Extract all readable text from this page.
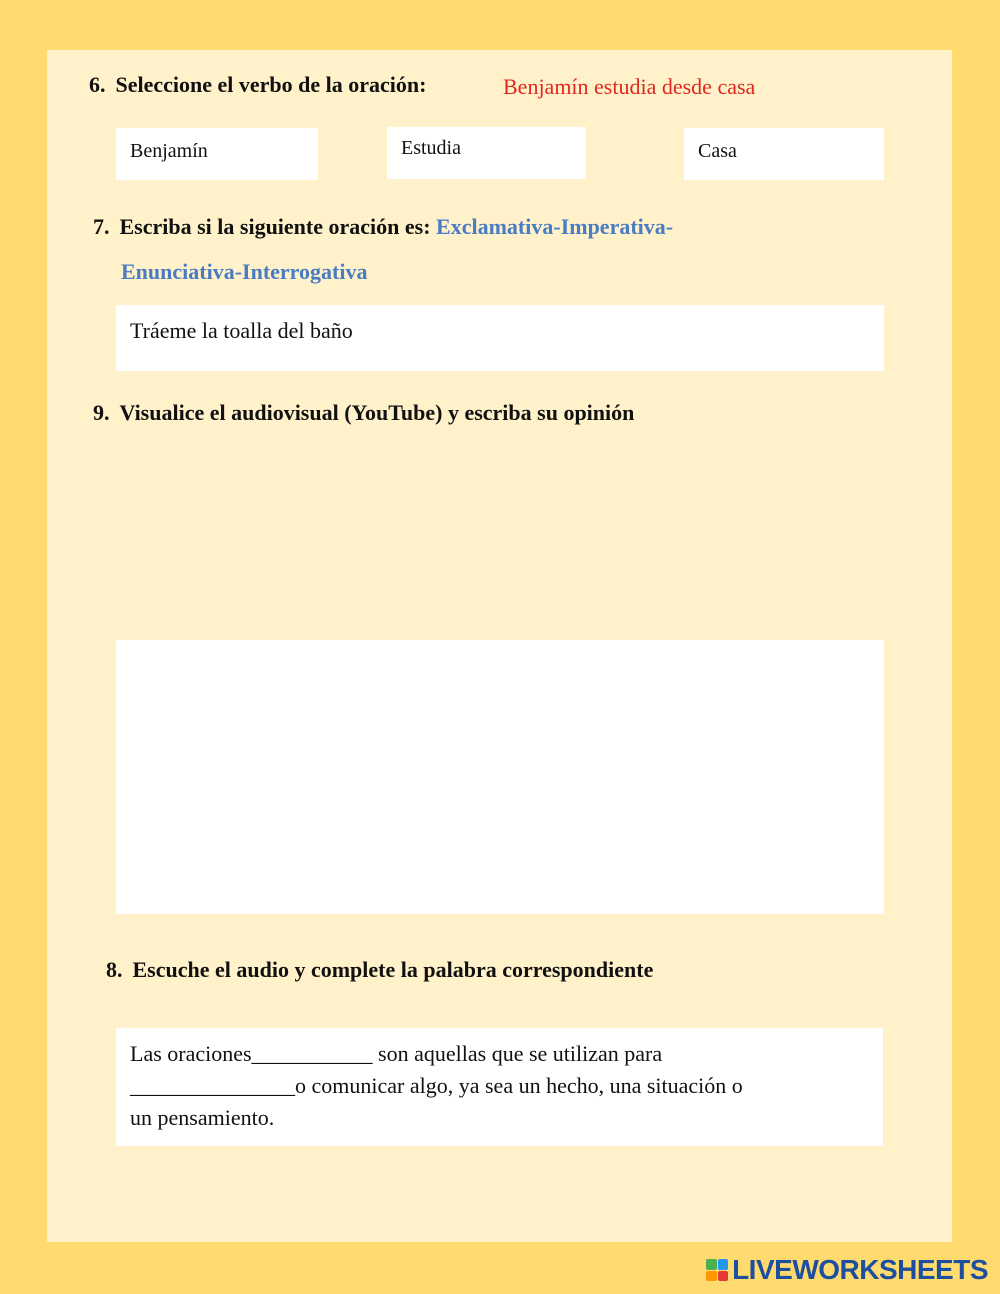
6. Seleccione el verbo de la oración:	Benjamín estudia desde casa
Benjamín	Estudia	Casa
7. Escriba si la siguiente oración es: Exclamativa-Imperativa-
Enunciativa-Interrogativa
Tráeme la toalla del baño
9. Visualice el audiovisual (YouTube) y escriba su opinión
8. Escuche el audio y complete la palabra correspondiente
Las oraciones___________ son aquellas que se utilizan para
_______________o comunicar algo, ya sea un hecho, una situación o
un pensamiento.
LIVEWORKSHEETS
